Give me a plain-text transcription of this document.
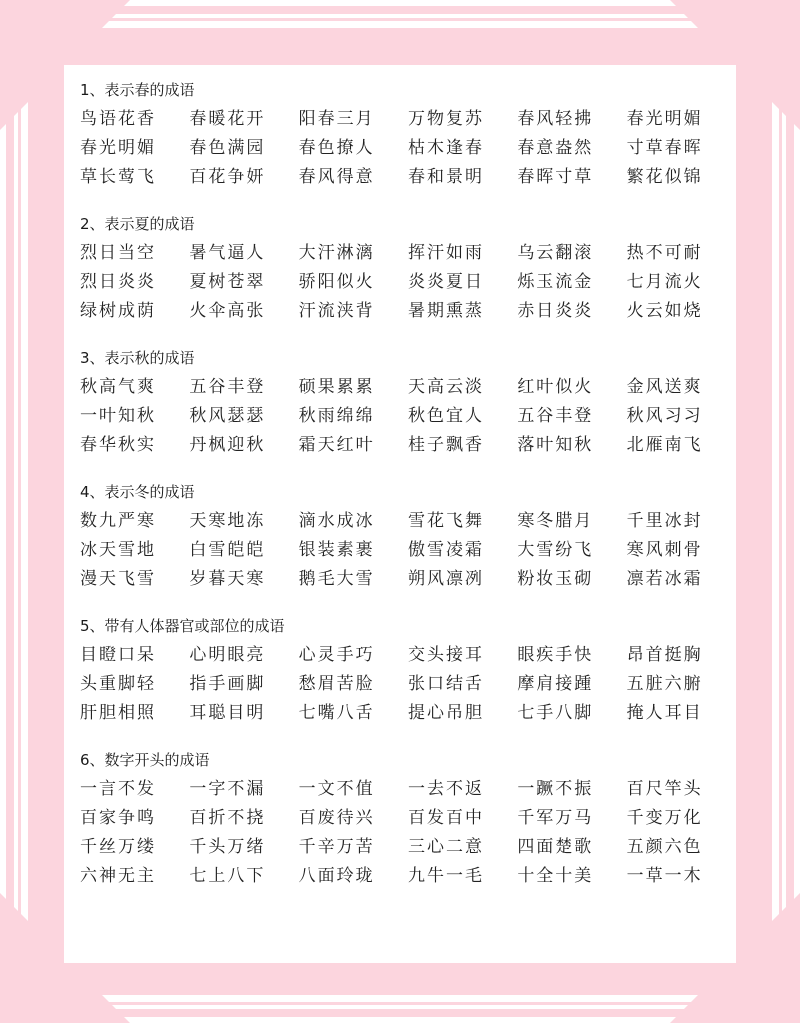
1、表示春的成语
鸟语花香	春暖花开	阳春三月	万物复苏	春风轻拂	春光明媚
春光明媚	春色满园	春色撩人	枯木逢春	春意盎然	寸草春晖
草长莺飞	百花争妍	春风得意	春和景明	春晖寸草	繁花似锦
2、表示夏的成语
烈日当空	暑气逼人	大汗淋漓	挥汗如雨	乌云翻滚	热不可耐
烈日炎炎	夏树苍翠	骄阳似火	炎炎夏日	烁玉流金	七月流火
绿树成荫	火伞高张	汗流浃背	暑期熏蒸	赤日炎炎	火云如烧
3、表示秋的成语
秋高气爽	五谷丰登	硕果累累	天高云淡	红叶似火	金风送爽
一叶知秋	秋风瑟瑟	秋雨绵绵	秋色宜人	五谷丰登	秋风习习
春华秋实	丹枫迎秋	霜天红叶	桂子飘香	落叶知秋	北雁南飞
4、表示冬的成语
数九严寒	天寒地冻	滴水成冰	雪花飞舞	寒冬腊月	千里冰封
冰天雪地	白雪皑皑	银装素裹	傲雪凌霜	大雪纷飞	寒风刺骨
漫天飞雪	岁暮天寒	鹅毛大雪	朔风凛冽	粉妆玉砌	凛若冰霜
5、带有人体器官或部位的成语
目瞪口呆	心明眼亮	心灵手巧	交头接耳	眼疾手快	昂首挺胸
头重脚轻	指手画脚	愁眉苦脸	张口结舌	摩肩接踵	五脏六腑
肝胆相照	耳聪目明	七嘴八舌	提心吊胆	七手八脚	掩人耳目
6、数字开头的成语
一言不发	一字不漏	一文不值	一去不返	一蹶不振	百尺竿头
百家争鸣	百折不挠	百废待兴	百发百中	千军万马	千变万化
千丝万缕	千头万绪	千辛万苦	三心二意	四面楚歌	五颜六色
六神无主	七上八下	八面玲珑	九牛一毛	十全十美	一草一木
